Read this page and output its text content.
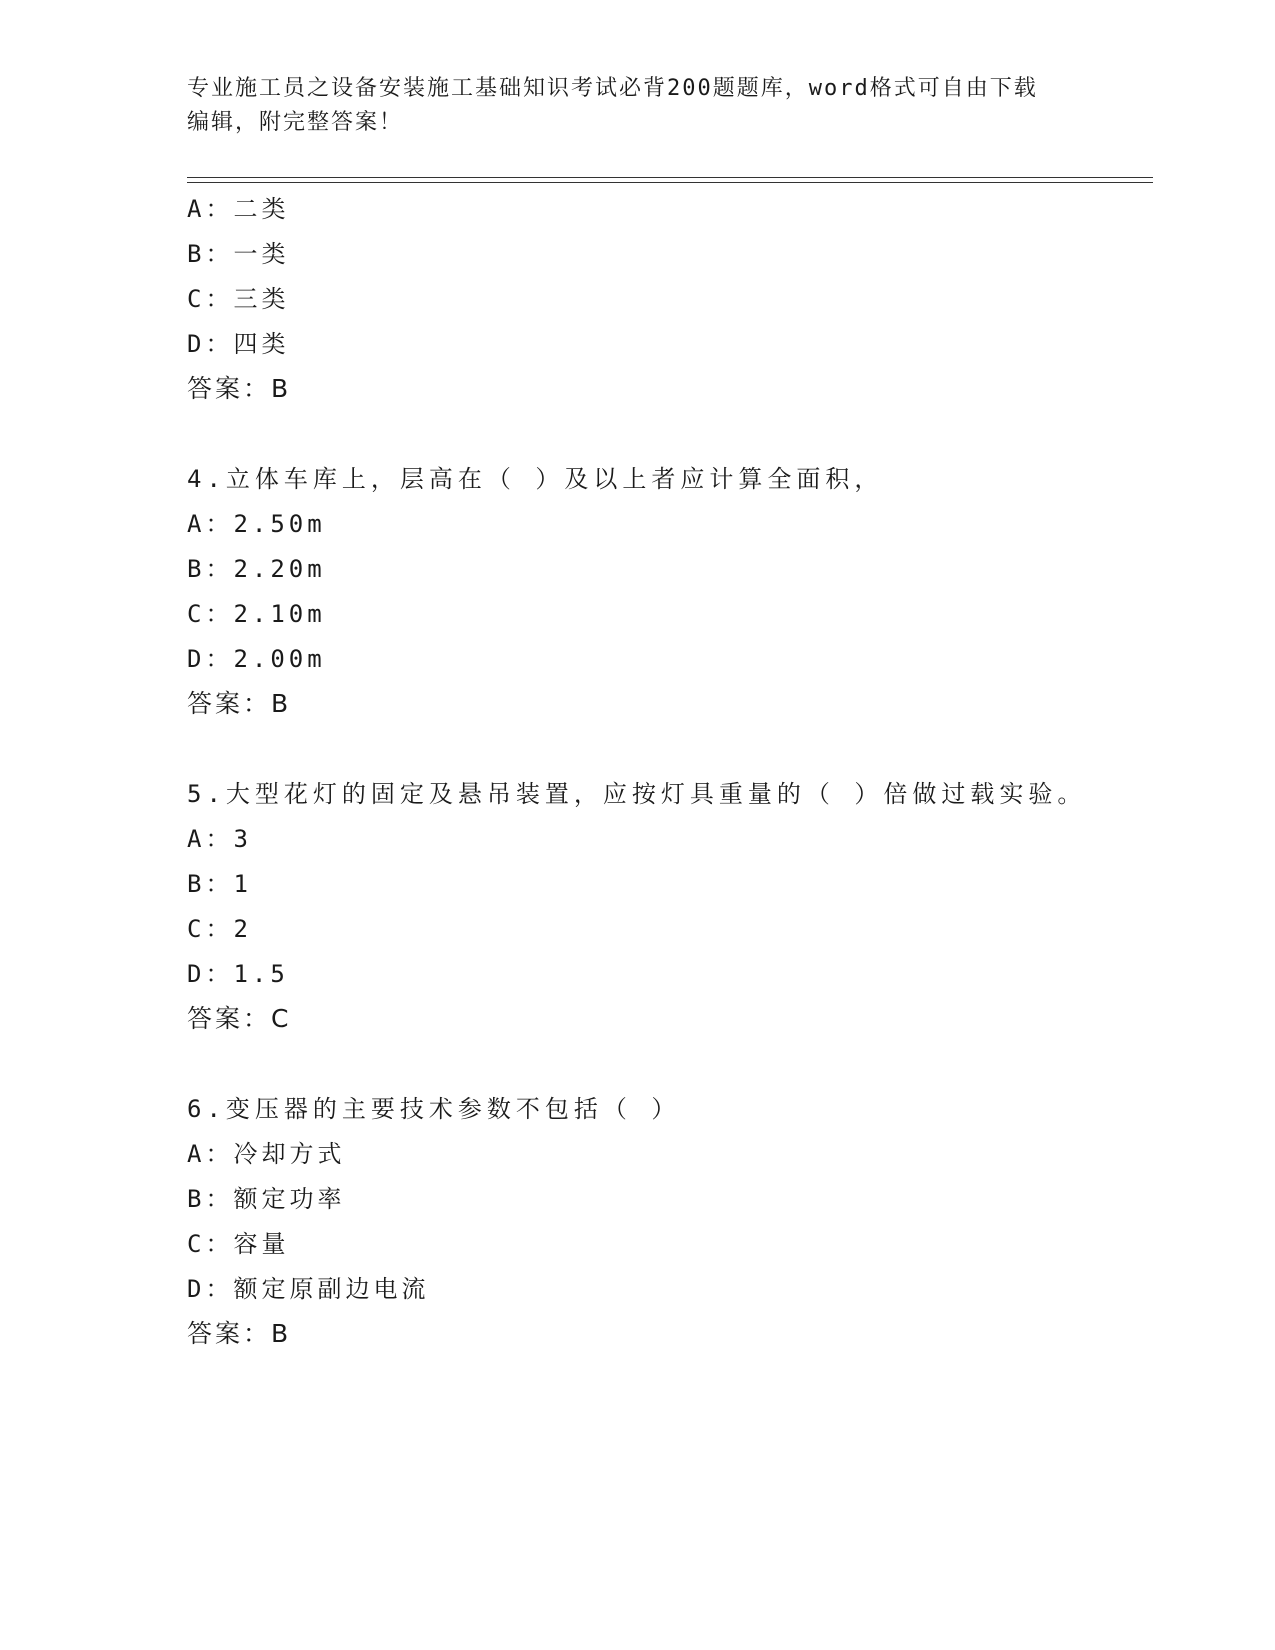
专业施工员之设备安装施工基础知识考试必背200题题库，word格式可自由下载
编辑，附完整答案！
A：二类
B：一类
C：三类
D：四类
答案：B
4.立体车库上，层高在（ ）及以上者应计算全面积，
A：2.50m
B：2.20m
C：2.10m
D：2.00m
答案：B
5.大型花灯的固定及悬吊装置，应按灯具重量的（ ）倍做过载实验。
A：3
B：1
C：2
D：1.5
答案：C
6.变压器的主要技术参数不包括（ ）
A：冷却方式
B：额定功率
C：容量
D：额定原副边电流
答案：B
